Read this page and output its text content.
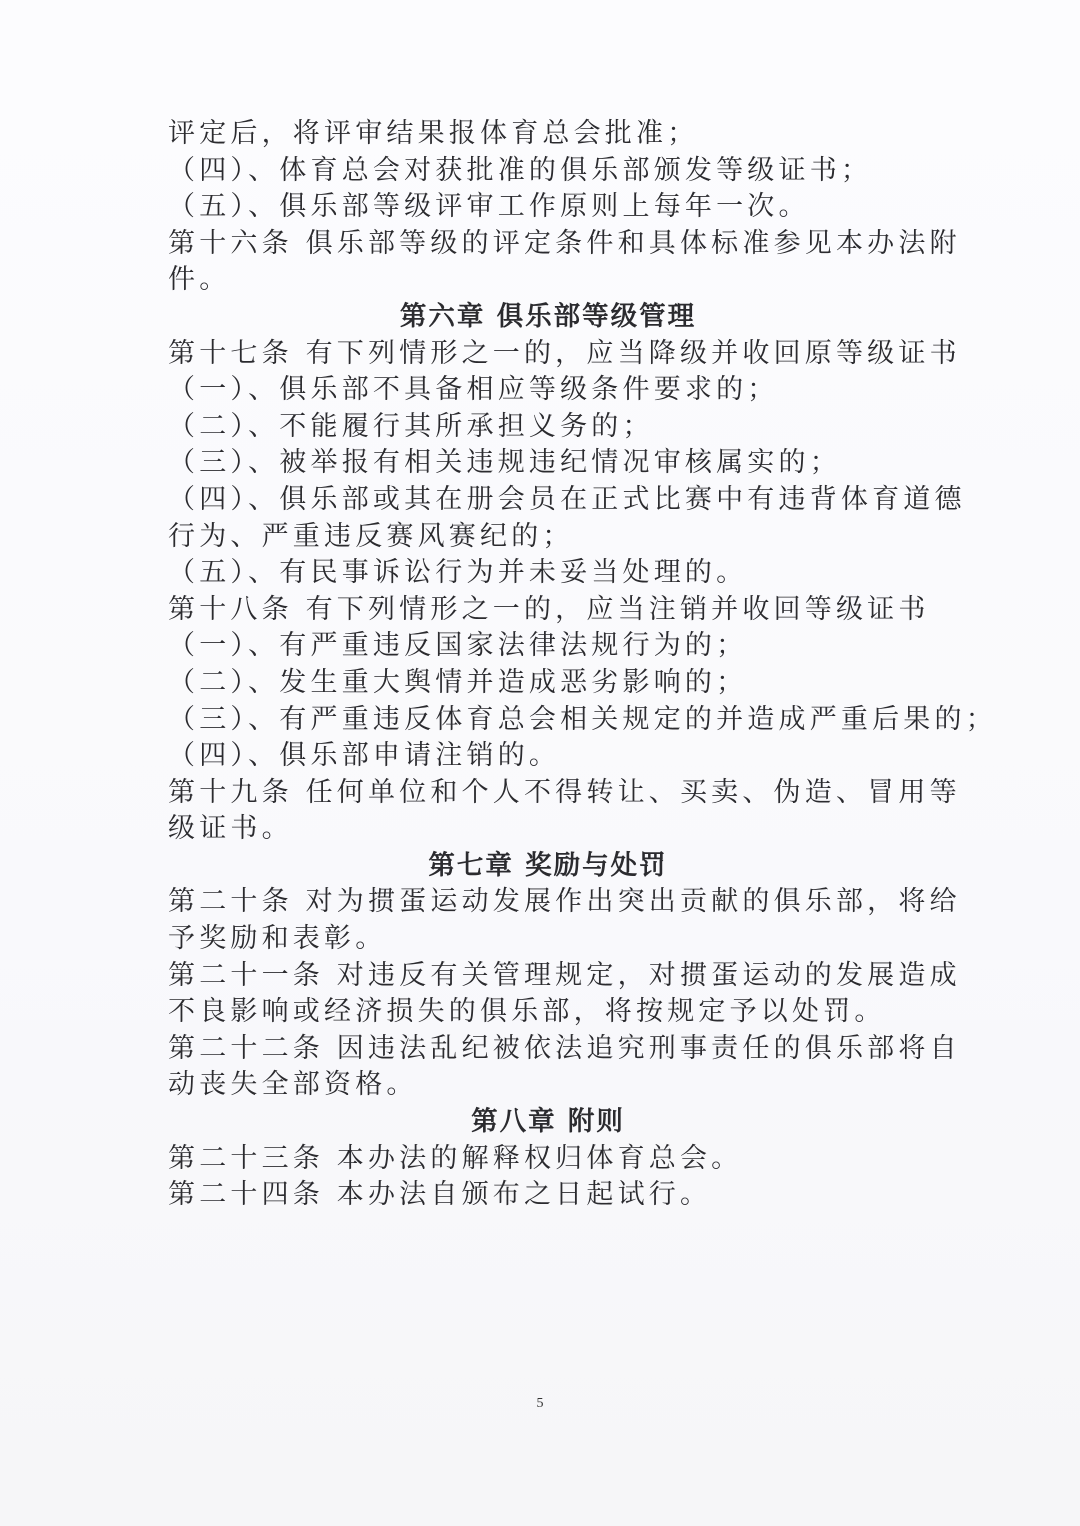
评定后，将评审结果报体育总会批准；
（四）、体育总会对获批准的俱乐部颁发等级证书；
（五）、俱乐部等级评审工作原则上每年一次。
第十六条 俱乐部等级的评定条件和具体标准参见本办法附
件。
第六章 俱乐部等级管理
第十七条 有下列情形之一的，应当降级并收回原等级证书
（一）、俱乐部不具备相应等级条件要求的；
（二）、不能履行其所承担义务的；
（三）、被举报有相关违规违纪情况审核属实的；
（四）、俱乐部或其在册会员在正式比赛中有违背体育道德
行为、严重违反赛风赛纪的；
（五）、有民事诉讼行为并未妥当处理的。
第十八条 有下列情形之一的，应当注销并收回等级证书
（一）、有严重违反国家法律法规行为的；
（二）、发生重大舆情并造成恶劣影响的；
（三）、有严重违反体育总会相关规定的并造成严重后果的；
（四）、俱乐部申请注销的。
第十九条 任何单位和个人不得转让、买卖、伪造、冒用等
级证书。
第七章 奖励与处罚
第二十条 对为掼蛋运动发展作出突出贡献的俱乐部，将给
予奖励和表彰。
第二十一条 对违反有关管理规定，对掼蛋运动的发展造成
不良影响或经济损失的俱乐部，将按规定予以处罚。
第二十二条 因违法乱纪被依法追究刑事责任的俱乐部将自
动丧失全部资格。
第八章 附则
第二十三条 本办法的解释权归体育总会。
第二十四条 本办法自颁布之日起试行。
5
